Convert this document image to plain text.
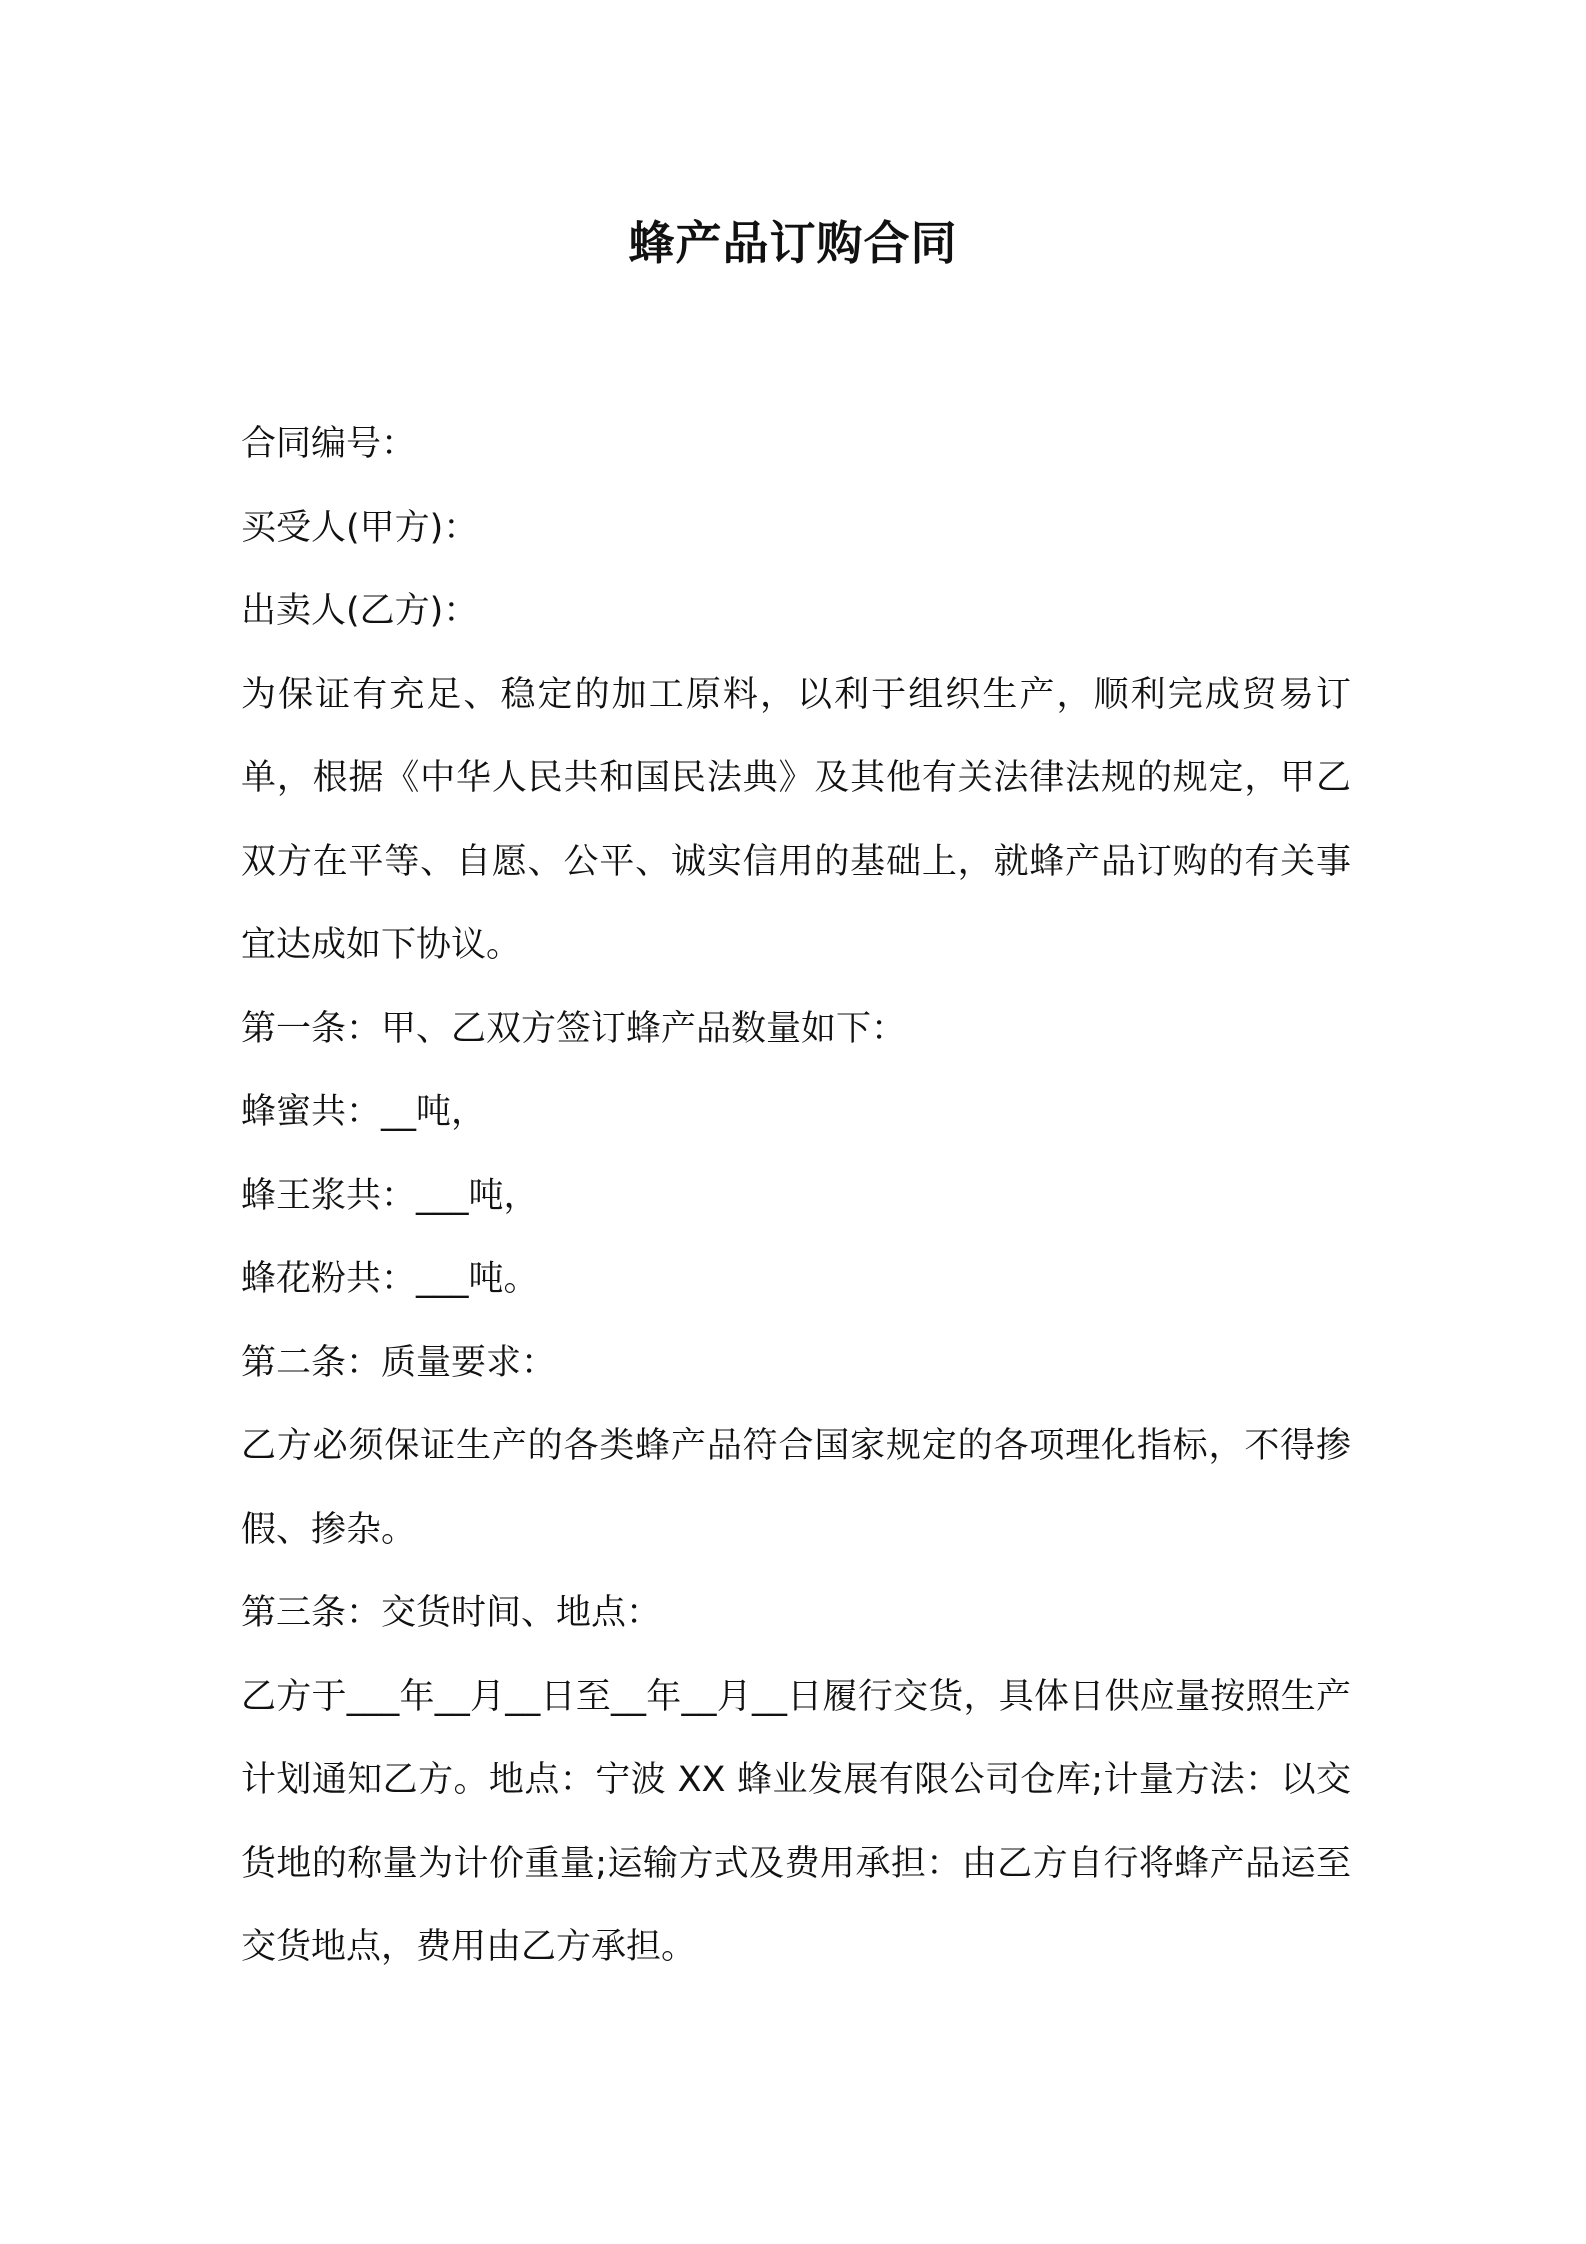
蜂产品订购合同
合同编号：
买受人(甲方)：
出卖人(乙方)：
为保证有充足、稳定的加工原料，以利于组织生产，顺利完成贸易订单，根据《中华人民共和国民法典》及其他有关法律法规的规定，甲乙双方在平等、自愿、公平、诚实信用的基础上，就蜂产品订购的有关事宜达成如下协议。
第一条：甲、乙双方签订蜂产品数量如下：
蜂蜜共：__吨，
蜂王浆共：___吨，
蜂花粉共：___吨。
第二条：质量要求：
乙方必须保证生产的各类蜂产品符合国家规定的各项理化指标，不得掺假、掺杂。
第三条：交货时间、地点：
乙方于___年__月__日至__年__月__日履行交货，具体日供应量按照生产计划通知乙方。地点：宁波 XX 蜂业发展有限公司仓库;计量方法：以交货地的称量为计价重量;运输方式及费用承担：由乙方自行将蜂产品运至交货地点，费用由乙方承担。
